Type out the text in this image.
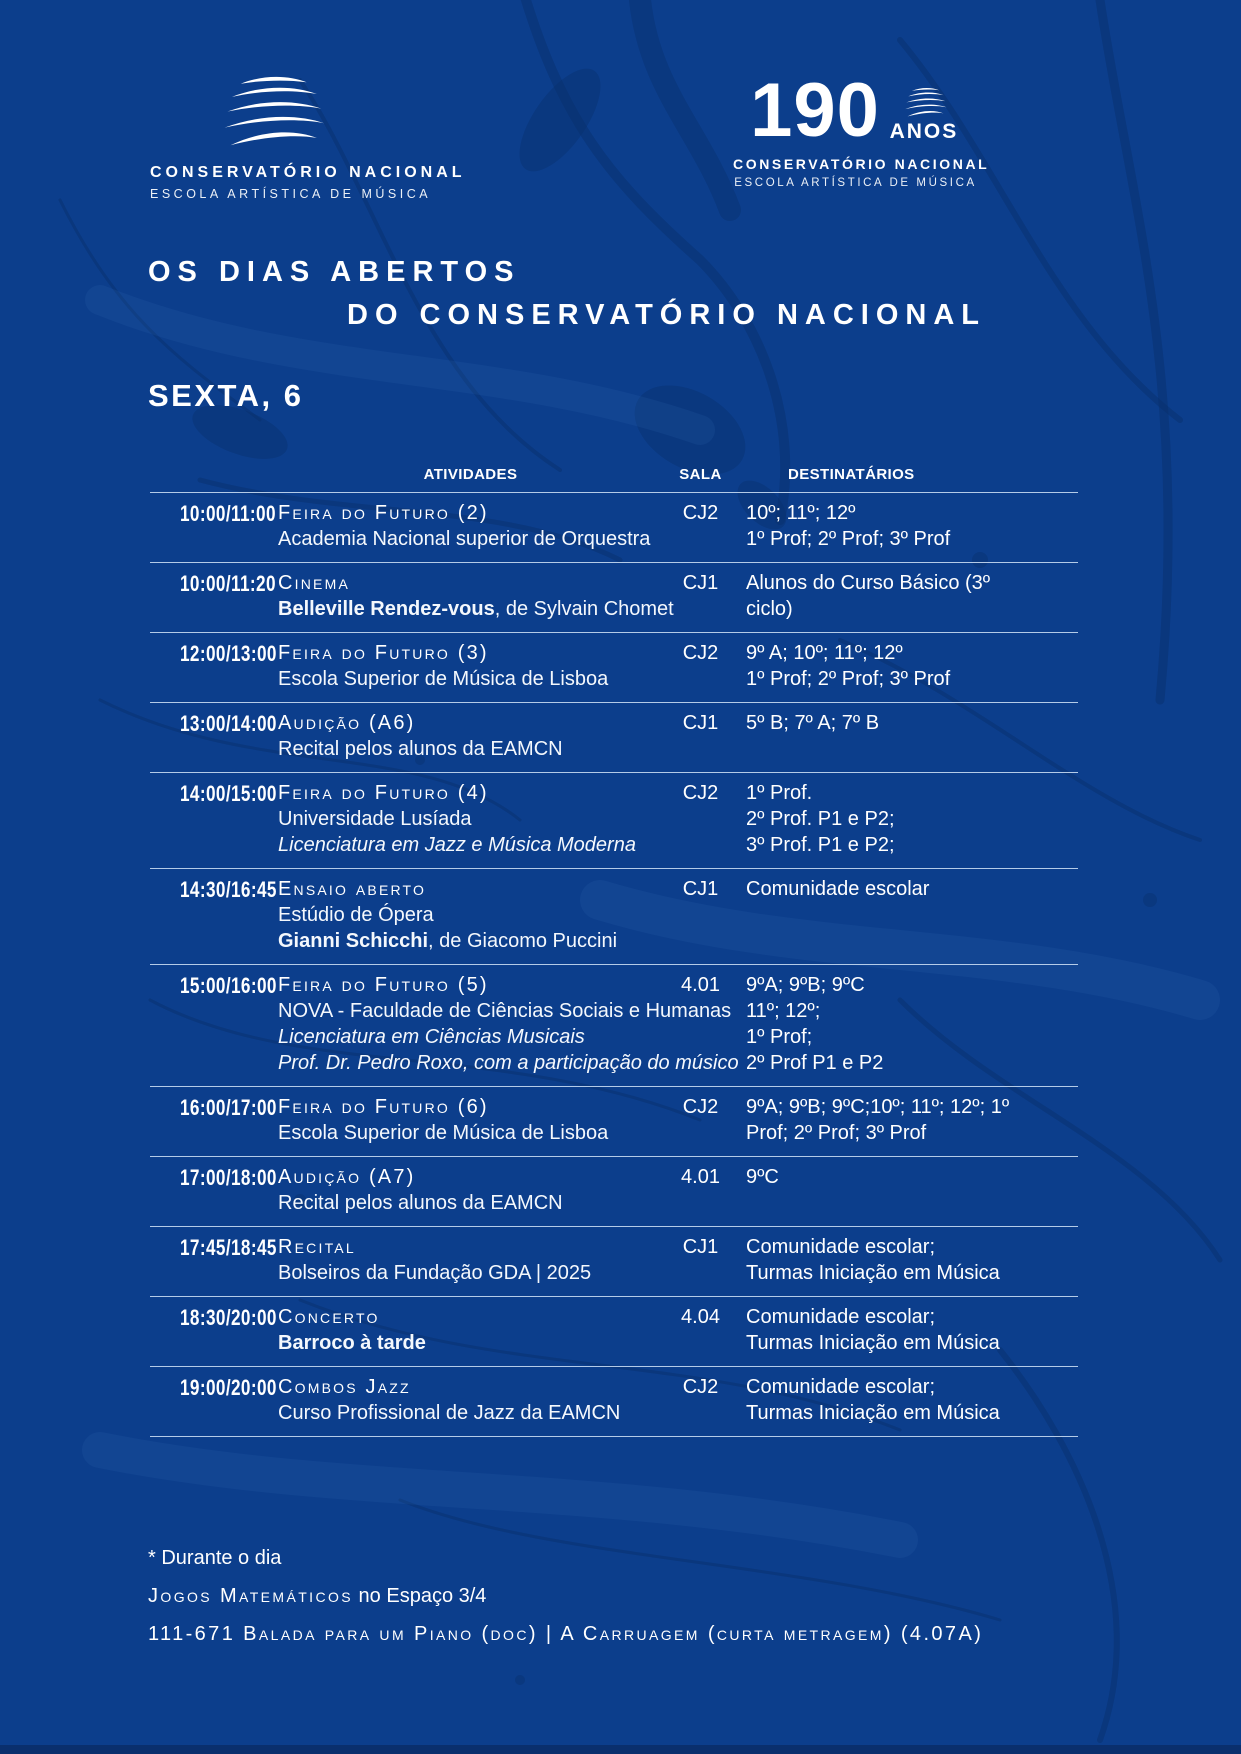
CONSERVATÓRIO NACIONAL
ESCOLA ARTÍSTICA DE MÚSICA
190 ANOS
CONSERVATÓRIO NACIONAL
ESCOLA ARTÍSTICA DE MÚSICA
OS DIAS ABERTOS
DO CONSERVATÓRIO NACIONAL
SEXTA, 6
ATIVIDADES	SALA	DESTINATÁRIOS
10:00/11:00 Feira do Futuro (2)
Academia Nacional superior de Orquestra
CJ2	10º; 11º; 12º
1º Prof; 2º Prof; 3º Prof
10:00/11:20 Cinema
Belleville Rendez-vous, de Sylvain Chomet
CJ1	Alunos do Curso Básico (3º
ciclo)
12:00/13:00 Feira do Futuro (3)
Escola Superior de Música de Lisboa
CJ2	9º A; 10º; 11º; 12º
1º Prof; 2º Prof; 3º Prof
13:00/14:00 Audição (A6)
Recital pelos alunos da EAMCN
CJ1	5º B; 7º A; 7º B
14:00/15:00 Feira do Futuro (4)
Universidade Lusíada
Licenciatura em Jazz e Música Moderna
CJ2	1º Prof.
2º Prof. P1 e P2;
3º Prof. P1 e P2;
14:30/16:45 Ensaio aberto
Estúdio de Ópera
Gianni Schicchi, de Giacomo Puccini
CJ1	Comunidade escolar
15:00/16:00 Feira do Futuro (5)
NOVA - Faculdade de Ciências Sociais e Humanas
Licenciatura em Ciências Musicais
Prof. Dr. Pedro Roxo, com a participação do músico
4.01	9ºA; 9ºB; 9ºC
11º; 12º;
1º Prof;
2º Prof P1 e P2
16:00/17:00 Feira do Futuro (6)
Escola Superior de Música de Lisboa
CJ2	9ºA; 9ºB; 9ºC;10º; 11º; 12º; 1º
Prof; 2º Prof; 3º Prof
17:00/18:00 Audição (A7)
Recital pelos alunos da EAMCN
4.01	9ºC
17:45/18:45 Recital
Bolseiros da Fundação GDA | 2025
CJ1	Comunidade escolar;
Turmas Iniciação em Música
18:30/20:00 Concerto
Barroco à tarde
4.04	Comunidade escolar;
Turmas Iniciação em Música
19:00/20:00 Combos Jazz
Curso Profissional de Jazz da EAMCN
CJ2	Comunidade escolar;
Turmas Iniciação em Música
* Durante o dia
Jogos Matemáticos no Espaço 3/4
111-671 Balada para um Piano (doc) | A Carruagem (curta metragem) (4.07A)
